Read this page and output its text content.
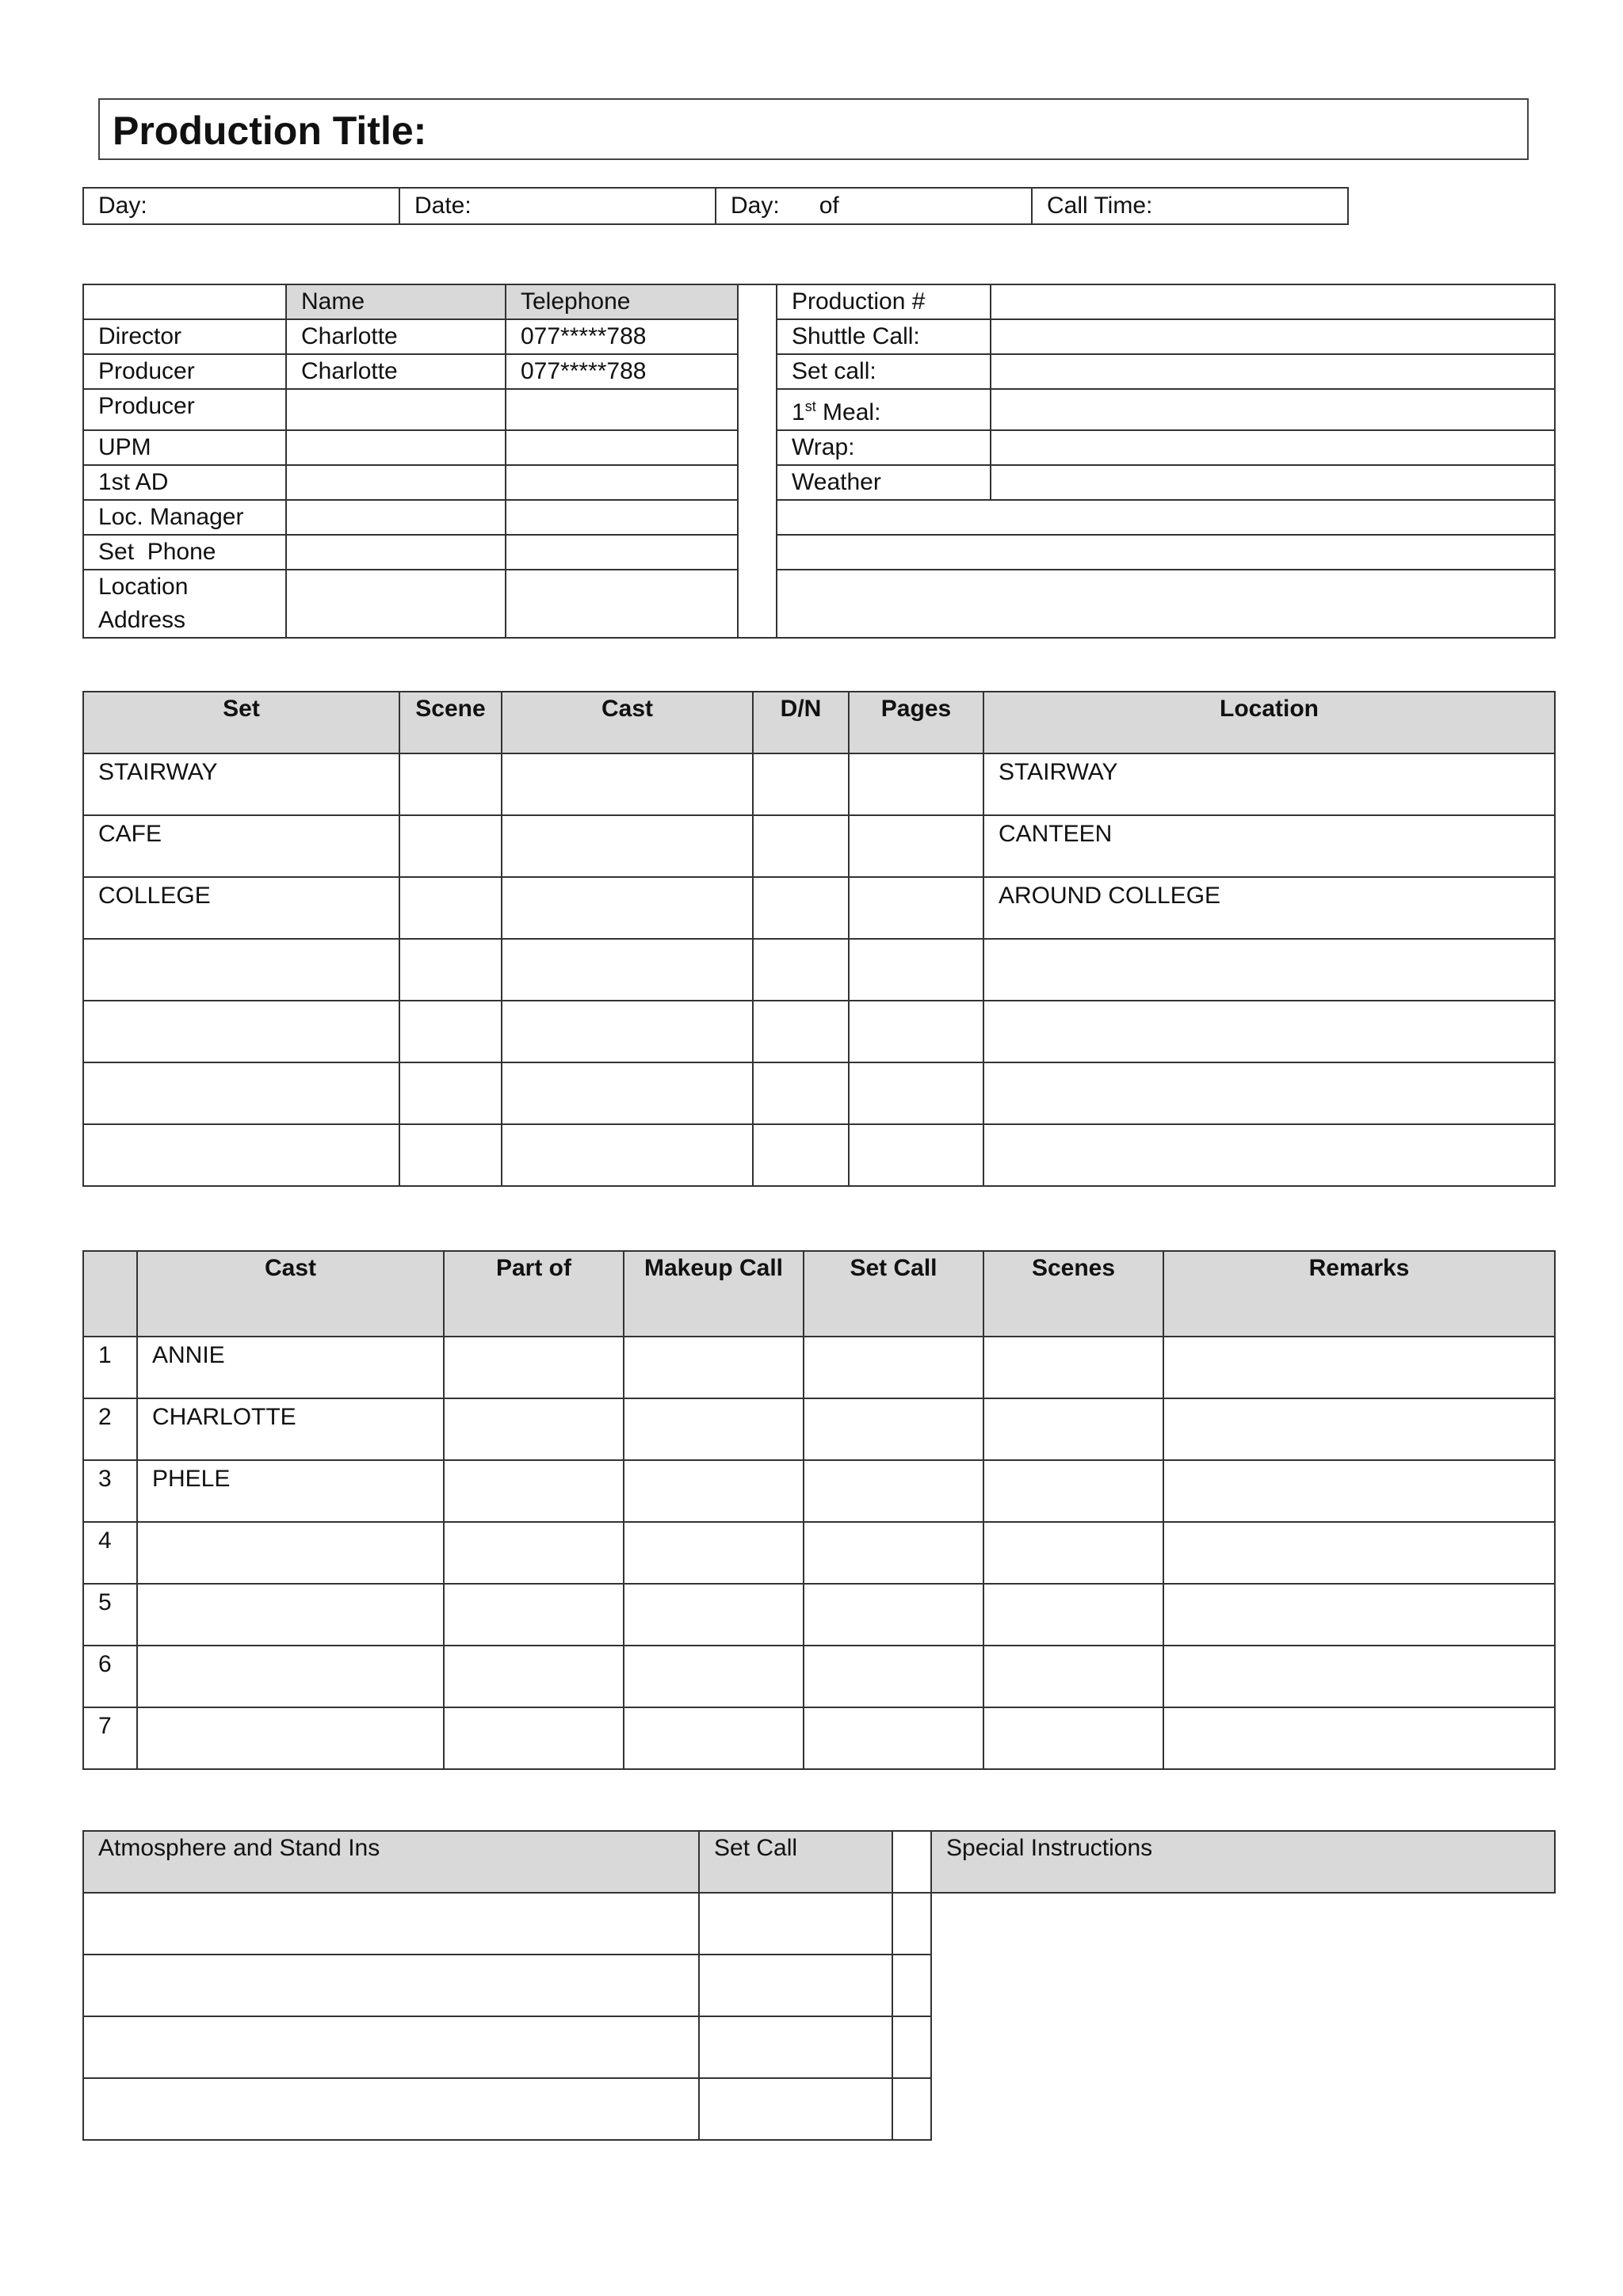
Production Title:
Day:	Date:	Day:      of	Call Time:
	Name	Telephone		Production #	
Director	Charlotte	077*****788		Shuttle Call:	
Producer	Charlotte	077*****788		Set call:	
Producer				1st Meal:	
UPM				Wrap:	
1st AD				Weather	
Loc. Manager					
Set  Phone					
Location Address					
Set	Scene	Cast	D/N	Pages	Location
STAIRWAY					STAIRWAY
CAFE					CANTEEN
COLLEGE					AROUND COLLEGE

	Cast	Part of	Makeup Call	Set Call	Scenes	Remarks
1	ANNIE					
2	CHARLOTTE					
3	PHELE					
4						
5						
6						
7						
Atmosphere and Stand Ins	Set Call		Special Instructions
